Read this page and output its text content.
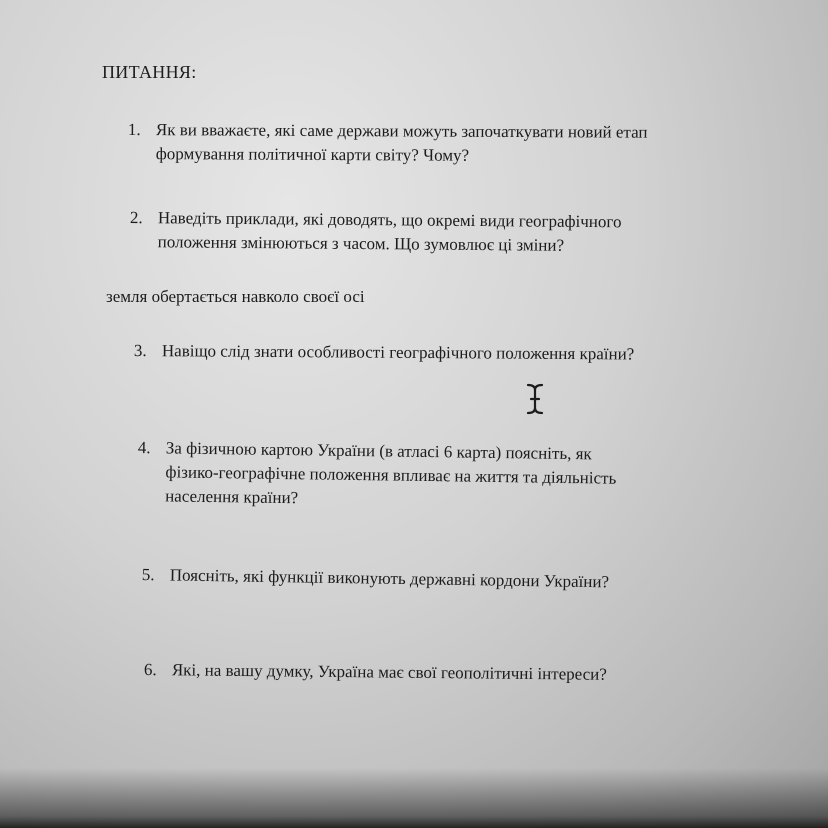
ПИТАННЯ:
1. Як ви вважаєте, які саме держави можуть започаткувати новий етап
формування політичної карти світу? Чому?
2. Наведіть приклади, які доводять, що окремі види географічного
положення змінюються з часом. Що зумовлює ці зміни?
земля обертається навколо своєї осі
3. Навіщо слід знати особливості географічного положення країни?
4. За фізичною картою України (в атласі 6 карта) поясніть, як
фізико-географічне положення впливає на життя та діяльність
населення країни?
5. Поясніть, які функції виконують державні кордони України?
6. Які, на вашу думку, Україна має свої геополітичні інтереси?
